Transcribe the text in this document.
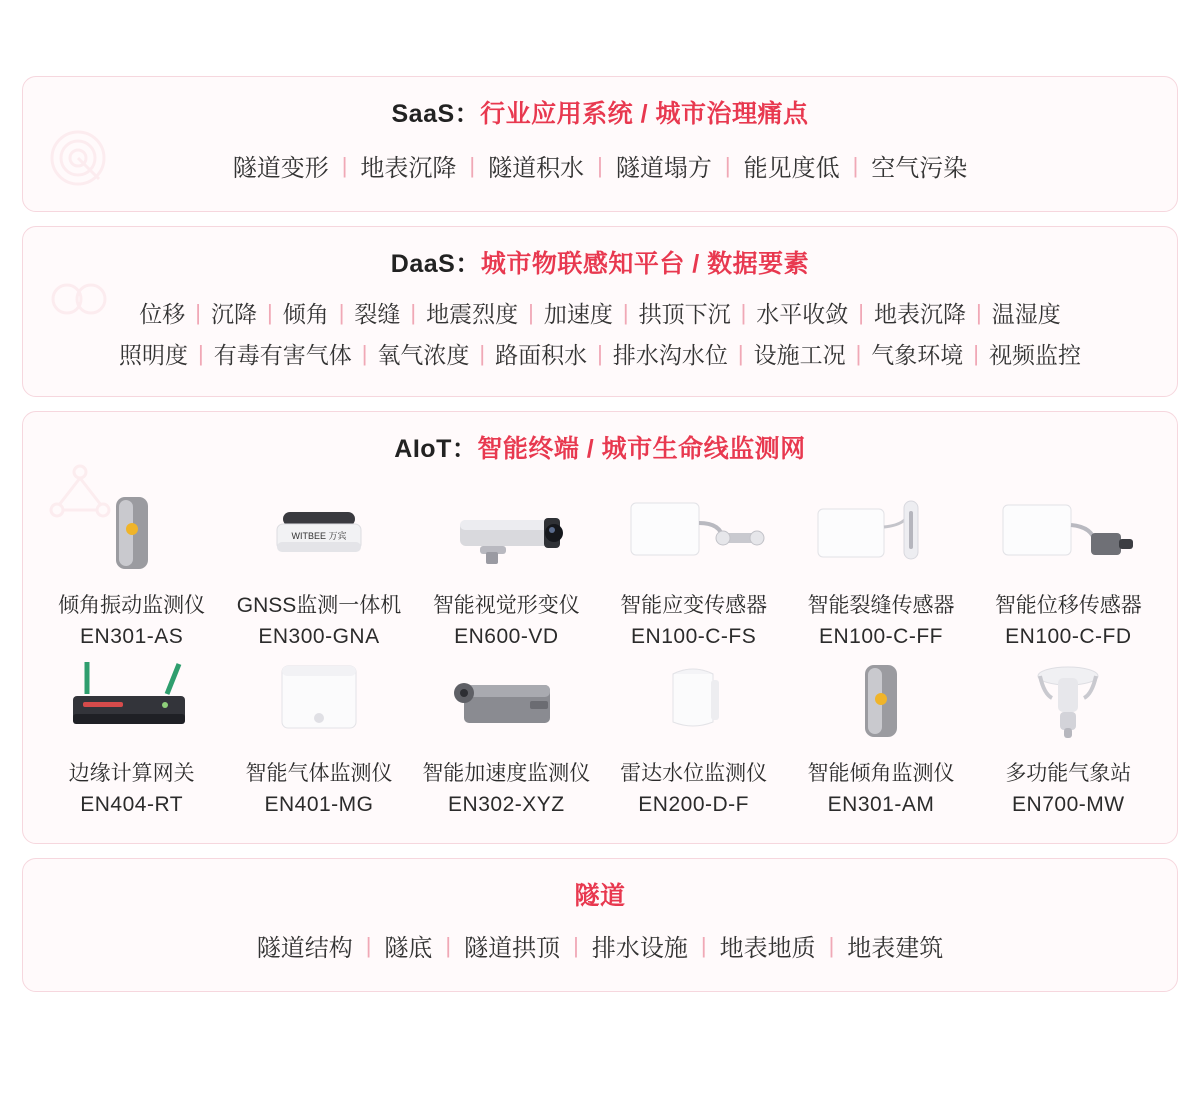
SaaS：行业应用系统 / 城市治理痛点
隧道变形 | 地表沉降 | 隧道积水 | 隧道塌方 | 能见度低 | 空气污染
DaaS：城市物联感知平台 / 数据要素
位移 | 沉降 | 倾角 | 裂缝 | 地震烈度 | 加速度 | 拱顶下沉 | 水平收敛 | 地表沉降 | 温湿度
照明度 | 有毒有害气体 | 氧气浓度 | 路面积水 | 排水沟水位 | 设施工况 | 气象环境 | 视频监控
AIoT：智能终端 / 城市生命线监测网
倾角振动监测仪
EN301-AS
WITBEE 万宾
GNSS监测一体机
EN300-GNA
智能视觉形变仪
EN600-VD
智能应变传感器
EN100-C-FS
智能裂缝传感器
EN100-C-FF
智能位移传感器
EN100-C-FD
边缘计算网关
EN404-RT
智能气体监测仪
EN401-MG
智能加速度监测仪
EN302-XYZ
雷达水位监测仪
EN200-D-F
智能倾角监测仪
EN301-AM
多功能气象站
EN700-MW
隧道
隧道结构 | 隧底 | 隧道拱顶 | 排水设施 | 地表地质 | 地表建筑
